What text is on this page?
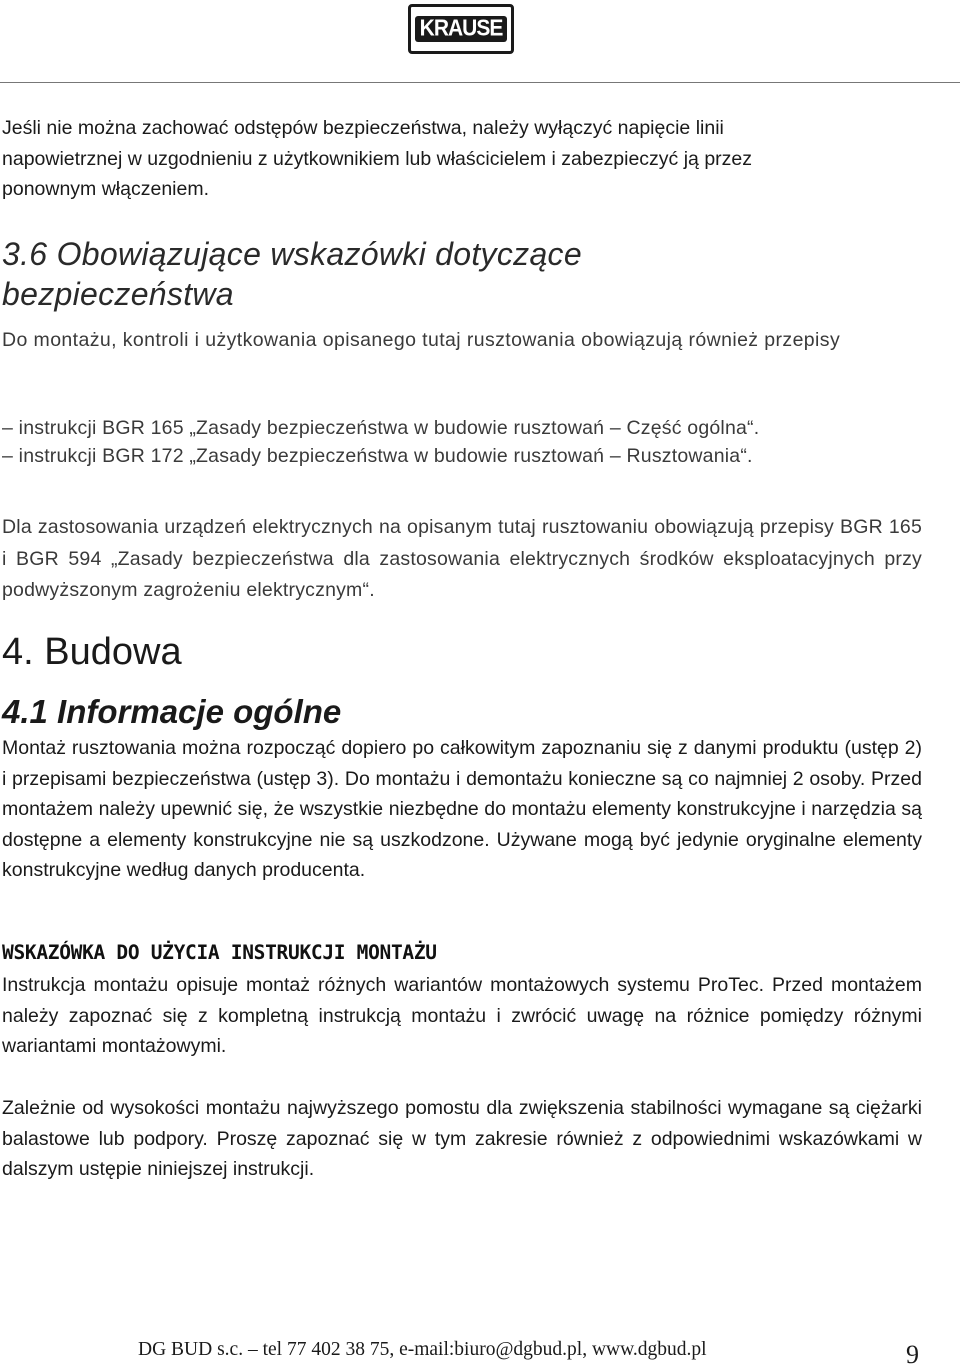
KRAUSE

Jeśli nie można zachować odstępów bezpieczeństwa, należy wyłączyć napięcie linii

napowietrznej w uzgodnieniu z użytkownikiem lub właścicielem i zabezpieczyć ją przez

ponownym włączeniem.

3.6 Obowiązujące wskazówki dotyczące

bezpieczeństwa

Do montażu, kontroli i użytkowania opisanego tutaj rusztowania obowiązują również przepisy

– instrukcji BGR 165 „Zasady bezpieczeństwa w budowie rusztowań – Część ogólna“.

– instrukcji BGR 172 „Zasady bezpieczeństwa w budowie rusztowań – Rusztowania“.

Dla zastosowania urządzeń elektrycznych na opisanym tutaj rusztowaniu obowiązują przepisy BGR 165 i BGR 594 „Zasady bezpieczeństwa dla zastosowania elektrycznych środków eksploatacyjnych przy podwyższonym zagrożeniu elektrycznym“.

4. Budowa

4.1 Informacje ogólne

Montaż rusztowania można rozpocząć dopiero po całkowitym zapoznaniu się z danymi produktu (ustęp 2) i przepisami bezpieczeństwa (ustęp 3). Do montażu i demontażu konieczne są co najmniej 2 osoby. Przed montażem należy upewnić się, że wszystkie niezbędne do montażu elementy konstrukcyjne i narzędzia są dostępne a elementy konstrukcyjne nie są uszkodzone. Używane mogą być jedynie oryginalne elementy konstrukcyjne według danych producenta.

WSKAZÓWKA DO UŻYCIA INSTRUKCJI MONTAŻU

Instrukcja montażu opisuje montaż różnych wariantów montażowych systemu ProTec. Przed montażem należy zapoznać się z kompletną instrukcją montażu i zwrócić uwagę na różnice pomiędzy różnymi wariantami montażowymi.

Zależnie od wysokości montażu najwyższego pomostu dla zwiększenia stabilności wymagane są ciężarki balastowe lub podpory. Proszę zapoznać się w tym zakresie również z odpowiednimi wskazówkami w dalszym ustępie niniejszej instrukcji.

DG BUD s.c. – tel 77 402 38 75, e-mail:biuro@dgbud.pl, www.dgbud.pl	9
